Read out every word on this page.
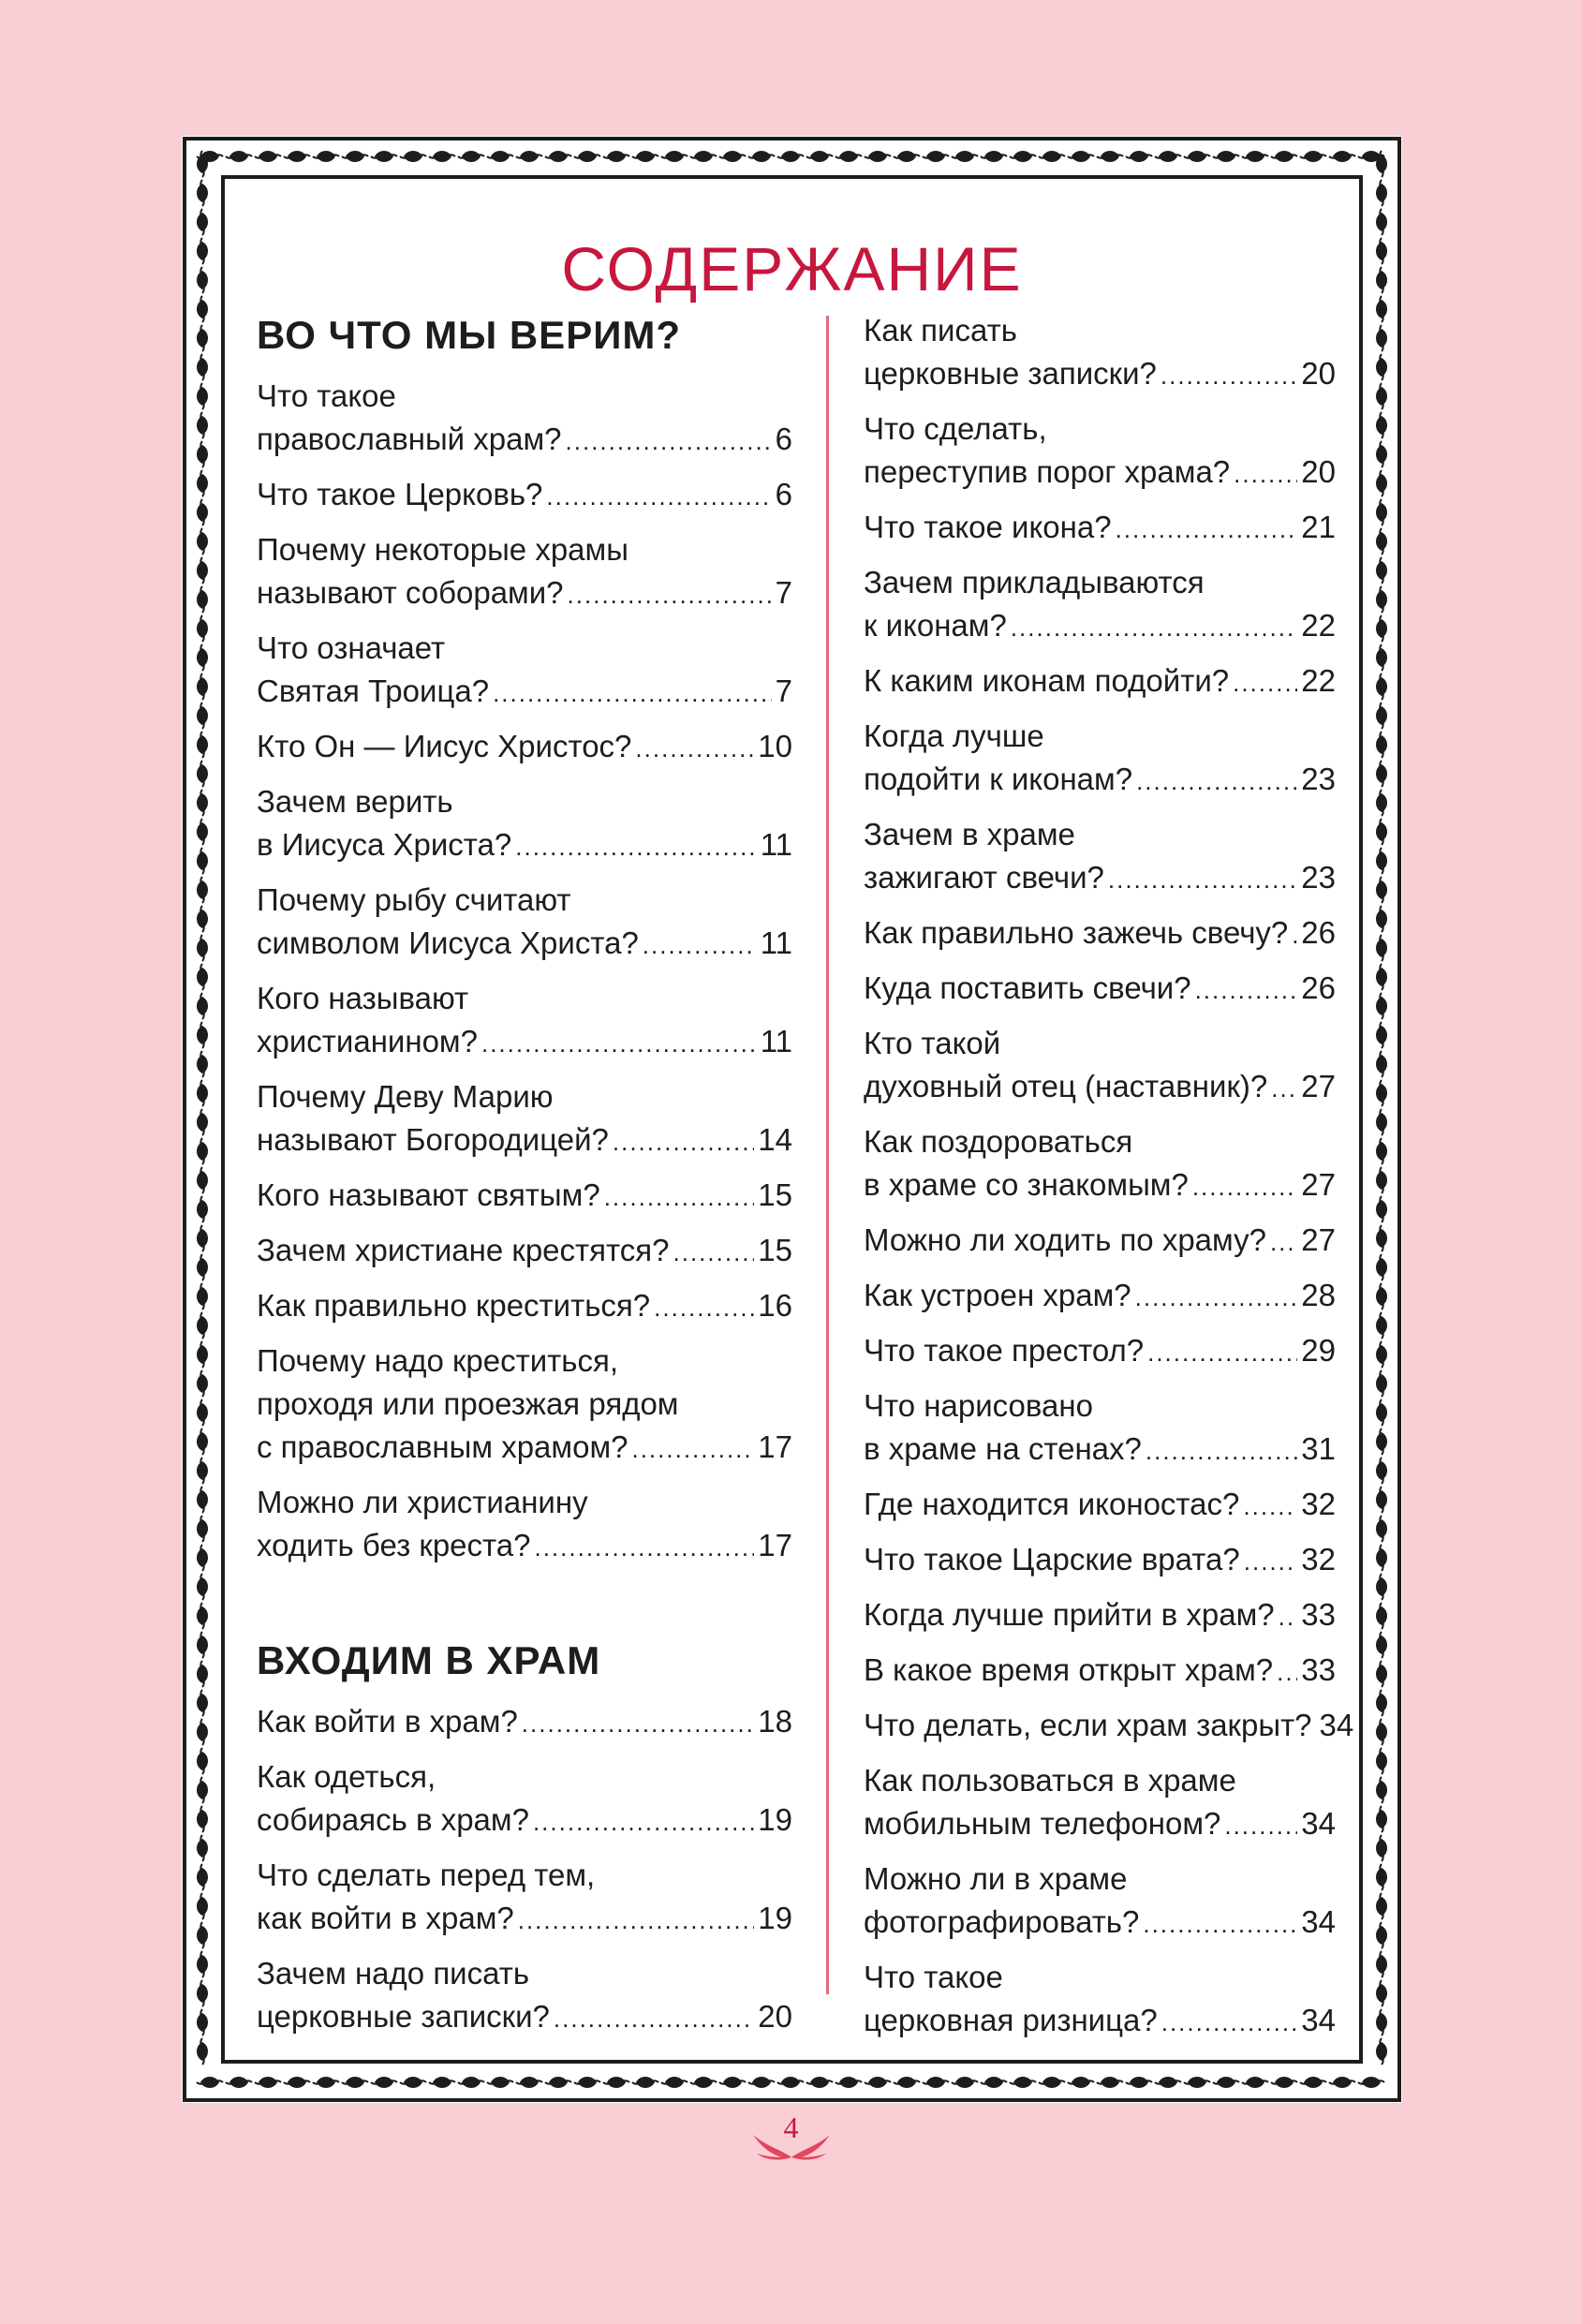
СОДЕРЖАНИЕ
ВО ЧТО МЫ ВЕРИМ?
Что такое
православный храм? .....	6
Что такое Церковь? .....	6
Почему некоторые храмы
называют соборами? .....	7
Что означает
Святая Троица? .....	7
Кто Он — Иисус Христос? .....	10
Зачем верить
в Иисуса Христа? .....	11
Почему рыбу считают
символом Иисуса Христа? .....	11
Кого называют
христианином? .....	11
Почему Деву Марию
называют Богородицей? .....	14
Кого называют святым? .....	15
Зачем христиане крестятся? .....	15
Как правильно креститься? .....	16
Почему надо креститься,
проходя или проезжая рядом
с православным храмом? .....	17
Можно ли христианину
ходить без креста? .....	17
ВХОДИМ В ХРАМ
Как войти в храм? .....	18
Как одеться,
собираясь в храм? .....	19
Что сделать перед тем,
как войти в храм? .....	19
Зачем надо писать
церковные записки? .....	20
Как писать
церковные записки? .....	20
Что сделать,
переступив порог храма? ..... 20
Что такое икона? .....	21
Зачем прикладываются
к иконам? .....	22
К каким иконам подойти? ..... 22
Когда лучше
подойти к иконам? .....	23
Зачем в храме
зажигают свечи? .....	23
Как правильно зажечь свечу? ..... 26
Куда поставить свечи? .....	26
Кто такой
духовный отец (наставник)? ..... 27
Как поздороваться
в храме со знакомым? .....	27
Можно ли ходить по храму? ..... 27
Как устроен храм? .....	28
Что такое престол? .....	29
Что нарисовано
в храме на стенах? .....	31
Где находится иконостас? ..... 32
Что такое Царские врата? ..... 32
Когда лучше прийти в храм? ..... 33
В какое время открыт храм? ..... 33
Что делать, если храм закрыт? 34
Как пользоваться в храме
мобильным телефоном? .....	34
Можно ли в храме
фотографировать? .....	34
Что такое
церковная ризница? .....	34
4
